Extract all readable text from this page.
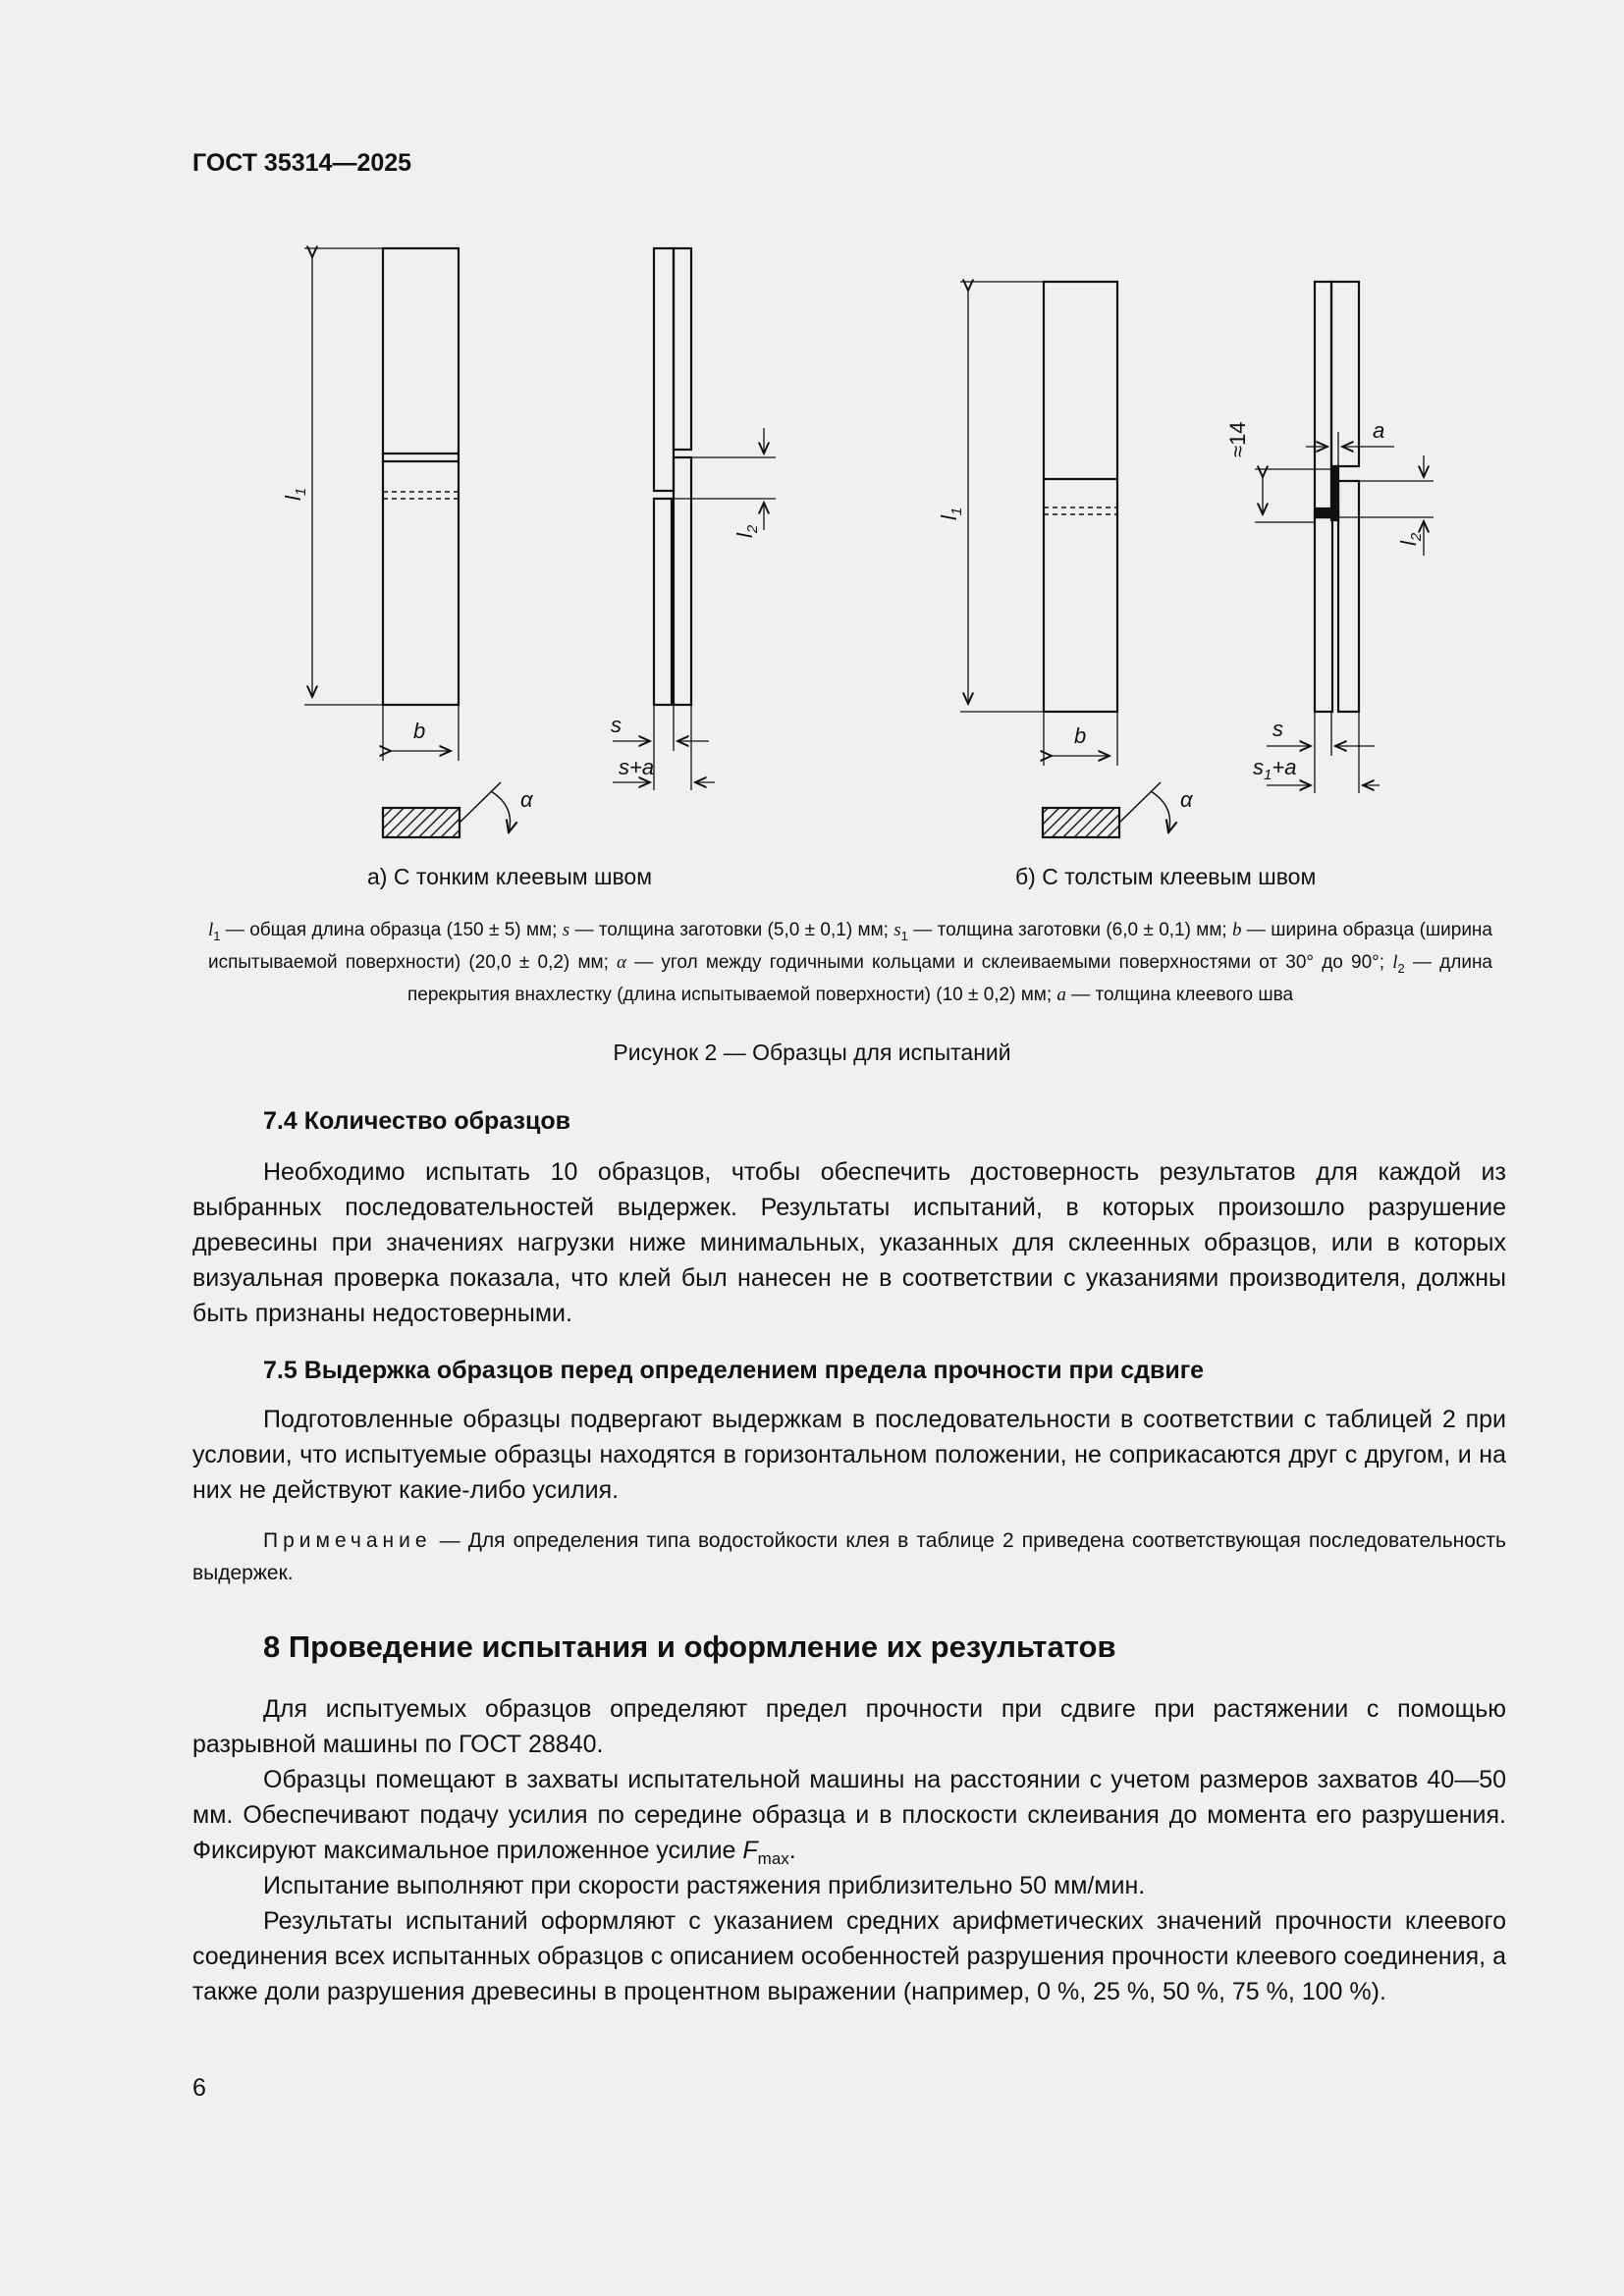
ГОСТ 35314—2025
$l_1$
b
α
$l_2$
s
s+a
$l_1$
b
α
≈14	a
$l_2$
s
$s_1+a$
а) С тонким клеевым швом	б) С толстым клеевым швом
$l_1$ — общая длина образца (150 ± 5) мм; s — толщина заготовки (5,0 ± 0,1) мм; $s_1$ — толщина заготовки (6,0 ± 0,1) мм; b — ширина образца (ширина испытываемой поверхности) (20,0 ± 0,2) мм; α — угол между годичными кольцами и склеиваемыми поверхностями от 30° до 90°; $l_2$ — длина перекрытия внахлестку (длина испытываемой поверхности) (10 ± 0,2) мм; a — толщина клеевого шва
Рисунок 2 — Образцы для испытаний
7.4 Количество образцов
Необходимо испытать 10 образцов, чтобы обеспечить достоверность результатов для каждой из выбранных последовательностей выдержек. Результаты испытаний, в которых произошло разрушение древесины при значениях нагрузки ниже минимальных, указанных для склеенных образцов, или в которых визуальная проверка показала, что клей был нанесен не в соответствии с указаниями производителя, должны быть признаны недостоверными.
7.5 Выдержка образцов перед определением предела прочности при сдвиге
Подготовленные образцы подвергают выдержкам в последовательности в соответствии с таблицей 2 при условии, что испытуемые образцы находятся в горизонтальном положении, не соприкасаются друг с другом, и на них не действуют какие-либо усилия.
Примечание — Для определения типа водостойкости клея в таблице 2 приведена соответствующая последовательность выдержек.
8 Проведение испытания и оформление их результатов
Для испытуемых образцов определяют предел прочности при сдвиге при растяжении с помощью разрывной машины по ГОСТ 28840.
Образцы помещают в захваты испытательной машины на расстоянии с учетом размеров захватов 40—50 мм. Обеспечивают подачу усилия по середине образца и в плоскости склеивания до момента его разрушения. Фиксируют максимальное приложенное усилие $F_{max}$.
Испытание выполняют при скорости растяжения приблизительно 50 мм/мин.
Результаты испытаний оформляют с указанием средних арифметических значений прочности клеевого соединения всех испытанных образцов с описанием особенностей разрушения прочности клеевого соединения, а также доли разрушения древесины в процентном выражении (например, 0 %, 25 %, 50 %, 75 %, 100 %).
6
